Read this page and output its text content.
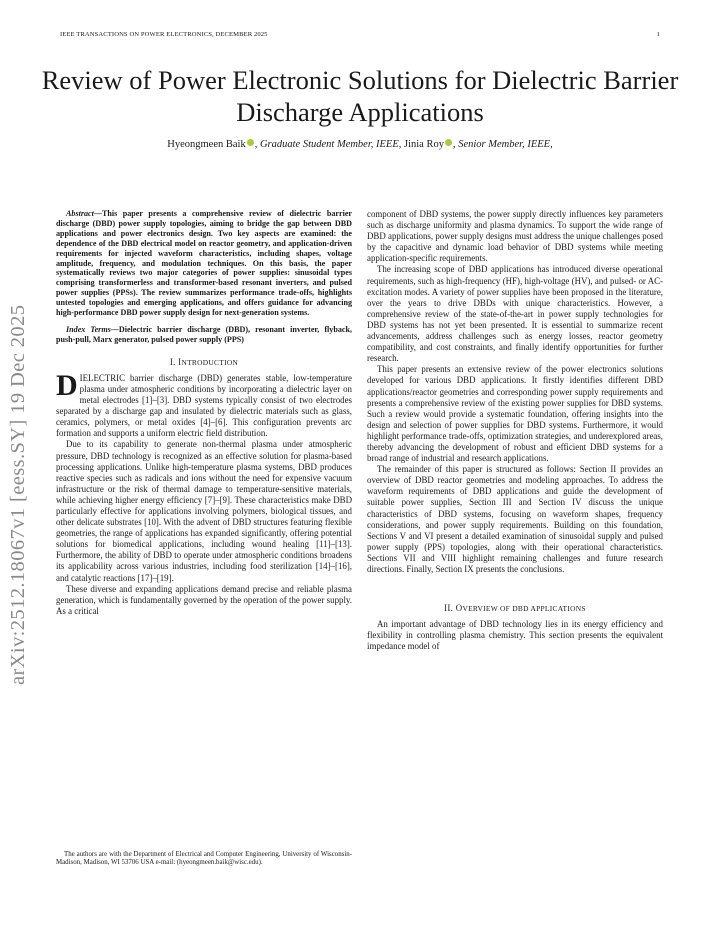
IEEE TRANSACTIONS ON POWER ELECTRONICS, DECEMBER 2025	1
Review of Power Electronic Solutions for Dielectric Barrier Discharge Applications
Hyeongmeen Baik , Graduate Student Member, IEEE, Jinia Roy , Senior Member, IEEE,
arXiv:2512.18067v1 [eess.SY] 19 Dec 2025

Abstract—This paper presents a comprehensive review of dielectric barrier discharge (DBD) power supply topologies, aiming to bridge the gap between DBD applications and power electronics design. Two key aspects are examined: the dependence of the DBD electrical model on reactor geometry, and application-driven requirements for injected waveform characteristics, including shapes, voltage amplitude, frequency, and modulation techniques. On this basis, the paper systematically reviews two major categories of power supplies: sinusoidal types comprising transformerless and transformer-based resonant inverters, and pulsed power supplies (PPSs). The review summarizes performance trade-offs, highlights untested topologies and emerging applications, and offers guidance for advancing high-performance DBD power supply design for next-generation systems.

Index Terms—Dielectric barrier discharge (DBD), resonant inverter, flyback, push-pull, Marx generator, pulsed power supply (PPS)

I. INTRODUCTION

DIELECTRIC barrier discharge (DBD) generates stable, low-temperature plasma under atmospheric conditions by incorporating a dielectric layer on metal electrodes [1]–[3]. DBD systems typically consist of two electrodes separated by a discharge gap and insulated by dielectric materials such as glass, ceramics, polymers, or metal oxides [4]–[6]. This configuration prevents arc formation and supports a uniform electric field distribution.

Due to its capability to generate non-thermal plasma under atmospheric pressure, DBD technology is recognized as an effective solution for plasma-based processing applications. Unlike high-temperature plasma systems, DBD produces reactive species such as radicals and ions without the need for expensive vacuum infrastructure or the risk of thermal damage to temperature-sensitive materials, while achieving higher energy efficiency [7]–[9]. These characteristics make DBD particularly effective for applications involving polymers, biological tissues, and other delicate substrates [10]. With the advent of DBD structures featuring flexible geometries, the range of applications has expanded significantly, offering potential solutions for biomedical applications, including wound healing [11]–[13]. Furthermore, the ability of DBD to operate under atmospheric conditions broadens its applicability across various industries, including food sterilization [14]–[16], and catalytic reactions [17]–[19].

These diverse and expanding applications demand precise and reliable plasma generation, which is fundamentally governed by the operation of the power supply. As a critical

The authors are with the Department of Electrical and Computer Engineering, University of Wisconsin-Madison, Madison, WI 53706 USA e-mail: (hyeongmeen.baik@wisc.edu).

component of DBD systems, the power supply directly influences key parameters such as discharge uniformity and plasma dynamics. To support the wide range of DBD applications, power supply designs must address the unique challenges posed by the capacitive and dynamic load behavior of DBD systems while meeting application-specific requirements.

The increasing scope of DBD applications has introduced diverse operational requirements, such as high-frequency (HF), high-voltage (HV), and pulsed- or AC-excitation modes. A variety of power supplies have been proposed in the literature, over the years to drive DBDs with unique characteristics. However, a comprehensive review of the state-of-the-art in power supply technologies for DBD systems has not yet been presented. It is essential to summarize recent advancements, address challenges such as energy losses, reactor geometry compatibility, and cost constraints, and finally identify opportunities for further research.

This paper presents an extensive review of the power electronics solutions developed for various DBD applications. It firstly identifies different DBD applications/reactor geometries and corresponding power supply requirements and presents a comprehensive review of the existing power supplies for DBD systems. Such a review would provide a systematic foundation, offering insights into the design and selection of power supplies for DBD systems. Furthermore, it would highlight performance trade-offs, optimization strategies, and underexplored areas, thereby advancing the development of robust and efficient DBD systems for a broad range of industrial and research applications.

The remainder of this paper is structured as follows: Section II provides an overview of DBD reactor geometries and modeling approaches. To address the waveform requirements of DBD applications and guide the development of suitable power supplies, Section III and Section IV discuss the unique characteristics of DBD systems, focusing on waveform shapes, frequency considerations, and power supply requirements. Building on this foundation, Sections V and VI present a detailed examination of sinusoidal supply and pulsed power supply (PPS) topologies, along with their operational characteristics. Sections VII and VIII highlight remaining challenges and future research directions. Finally, Section IX presents the conclusions.

II. OVERVIEW OF DBD APPLICATIONS

An important advantage of DBD technology lies in its energy efficiency and flexibility in controlling plasma chemistry. This section presents the equivalent impedance model of
